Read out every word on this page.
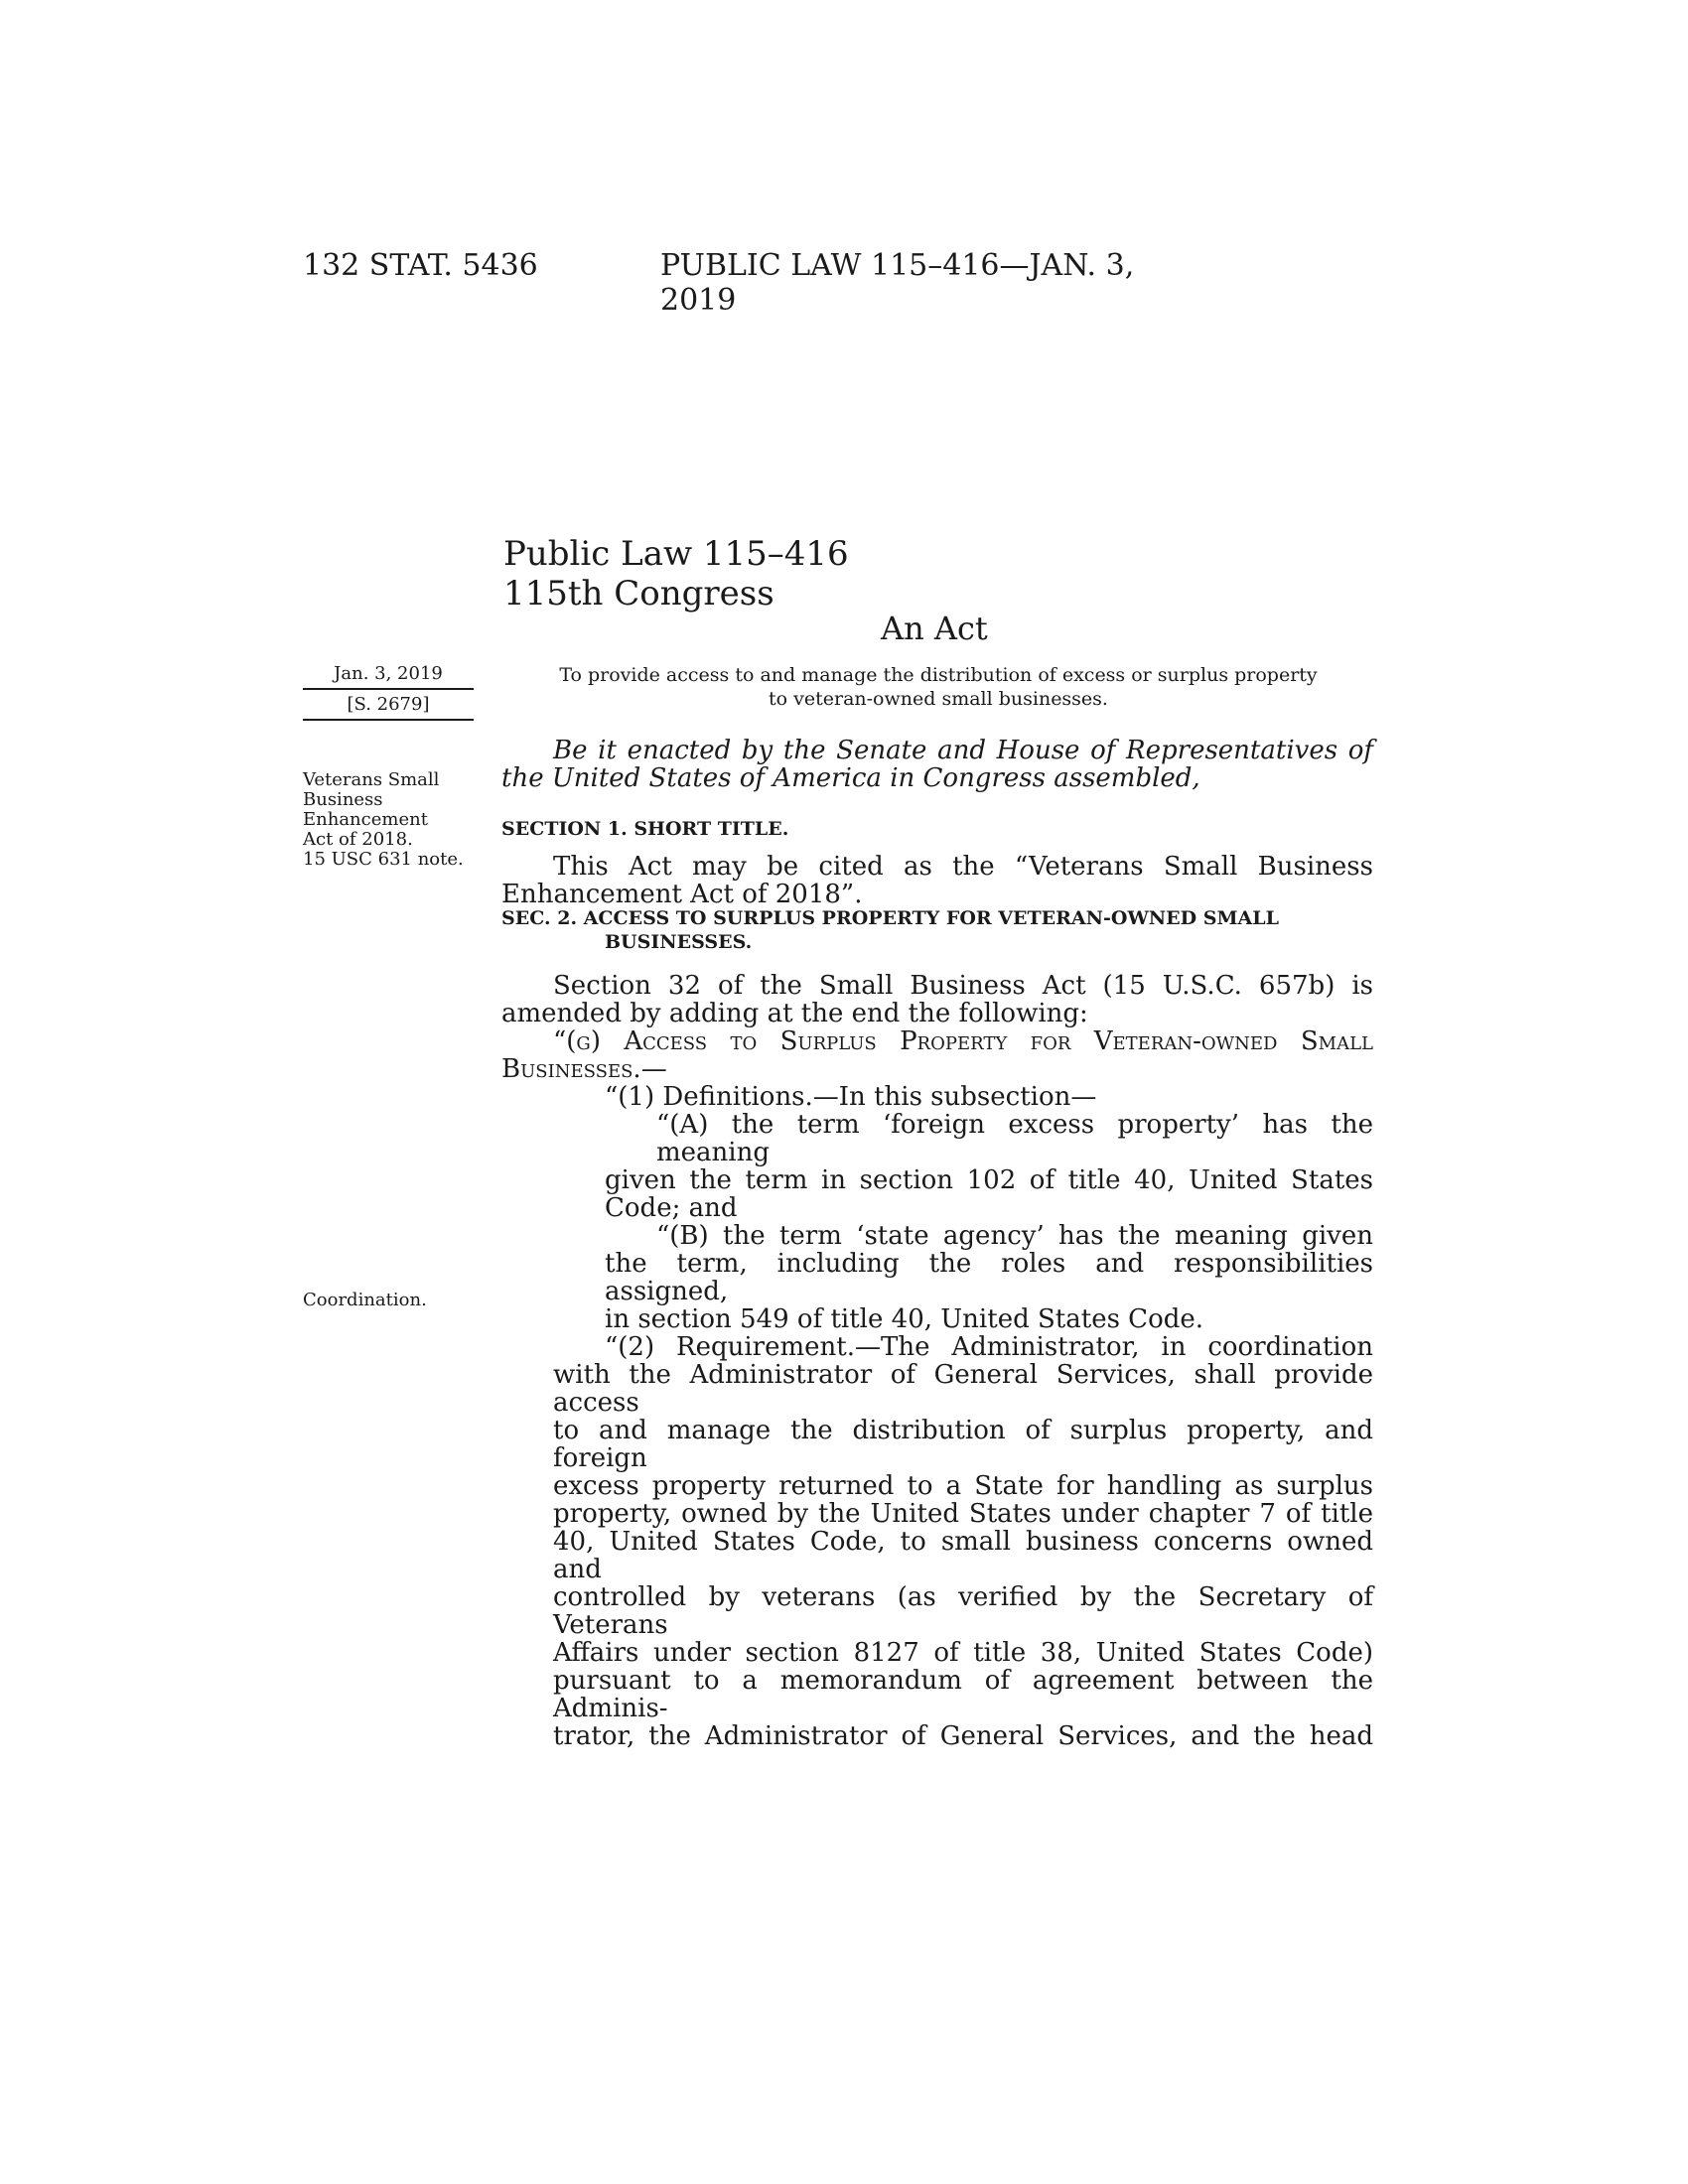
132 STAT. 5436	PUBLIC LAW 115–416—JAN. 3, 2019
Public Law 115–416
115th Congress
An Act
Jan. 3, 2019
[S. 2679]
To provide access to and manage the distribution of excess or surplus property
to veteran-owned small businesses.
Veterans Small
Business
Enhancement
Act of 2018.
15 USC 631 note.
Coordination.

Be it enacted by the Senate and House of Representatives of

the United States of America in Congress assembled,

SECTION 1. SHORT TITLE.

This Act may be cited as the “Veterans Small Business

Enhancement Act of 2018”.

SEC. 2. ACCESS TO SURPLUS PROPERTY FOR VETERAN-OWNED SMALL

BUSINESSES.

Section 32 of the Small Business Act (15 U.S.C. 657b) is

amended by adding at the end the following:

“(g) Access to Surplus Property for Veteran-owned Small

Businesses.—

“(1) Definitions.—In this subsection—

“(A) the term ‘foreign excess property’ has the meaning

given the term in section 102 of title 40, United States

Code; and

“(B) the term ‘state agency’ has the meaning given

the term, including the roles and responsibilities assigned,

in section 549 of title 40, United States Code.

“(2) Requirement.—The Administrator, in coordination

with the Administrator of General Services, shall provide access

to and manage the distribution of surplus property, and foreign

excess property returned to a State for handling as surplus

property, owned by the United States under chapter 7 of title

40, United States Code, to small business concerns owned and

controlled by veterans (as verified by the Secretary of Veterans

Affairs under section 8127 of title 38, United States Code)

pursuant to a memorandum of agreement between the Adminis-

trator, the Administrator of General Services, and the head
